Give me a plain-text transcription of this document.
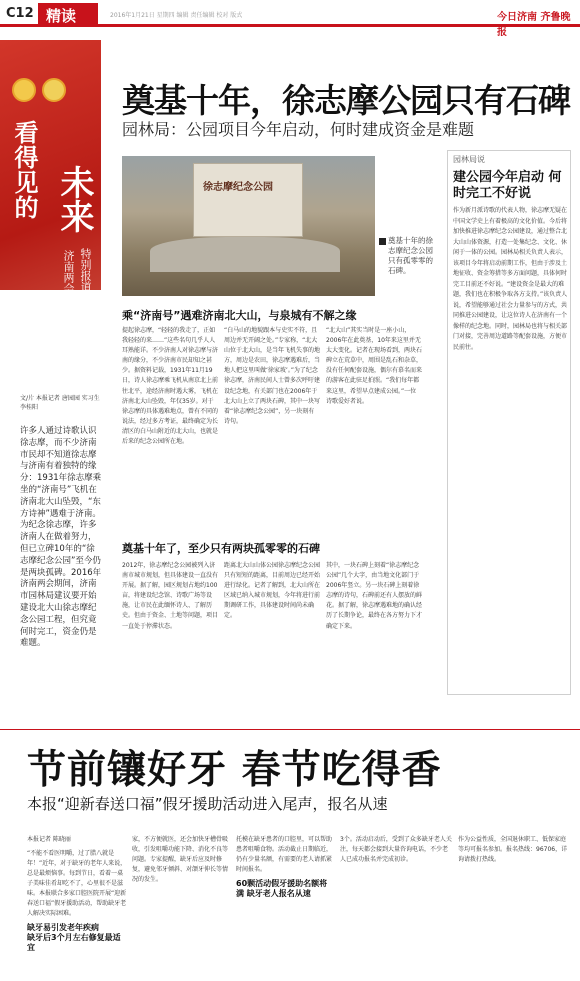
C12 精读	2016年1月21日 星期四 编辑 责任编辑 校对 版式	今日济南 齐鲁晚报
看得见的 未来
济南两会 特别报道
文/片 本报记者 唐园园 实习生 李桂阳
许多人通过诗歌认识徐志摩，而不少济南市民却不知道徐志摩与济南有着独特的缘分：1931年徐志摩乘坐的“济南号”飞机在济南北大山坠毁，“东方诗神”遇难于济南。为纪念徐志摩，许多济南人在做着努力，但已立碑10年的“徐志摩纪念公园”至今仍是两块孤碑。2016年济南两会期间，济南市园林局建议要开始建设北大山徐志摩纪念公园工程，但究竟何时完工，资金仍是难题。
奠基十年，徐志摩公园只有石碑
园林局：公园项目今年启动，何时建成资金是难题
徐志摩纪念公园
奠基十年的徐志摩纪念公园只有孤零零的石碑。
乘“济南号”遇难济南北大山，与泉城有不解之缘
提起徐志摩，“轻轻的我走了，正如我轻轻的来……”这些名句几乎人人耳熟能详。不少济南人对徐志摩与济南的缘分，不少济南市民却知之甚少。据资料记载，1931年11月19日，诗人徐志摩乘飞机从南京北上前往北平，途经济南时遇大雾，飞机在济南北大山坠毁，年仅35岁。对于徐志摩的具体遇难地点，曾有不同的说法，经过多方考证，最终确定为长清区的白马山附近的北大山，也就是后来的纪念公园所在地。
“白马山的地貌跟本与史实不符，且周边并无开阔之处。”专家称，“北大山位于北大山，是当年飞机失事的地方，周边是农田，徐志摩遇难后，当地人把这里叫做‘徐家坡’。”为了纪念徐志摩，济南民间人士曾多次呼吁建设纪念地，有关部门也在2006年于北大山上立了两块石碑，其中一块写着“徐志摩纪念公园”，另一块刻有诗句。
“北大山”其实当时是一座小山，2006年在此奠基，10年来这里并无太大变化。记者在现场看到，两块石碑立在荒草中，周围是乱石和杂草，没有任何配套设施，偶尔有慕名而来的游客在此驻足拍照。“我们每年都来这里，希望早点建成公园。”一位诗歌爱好者说。
奠基十年了，至少只有两块孤零零的石碑
2012年，徐志摩纪念公园被列入济南市城市规划，但具体建设一直没有开展。据了解，园区规划占地约100亩，将建设纪念馆、诗歌广场等设施，让市民在此缅怀诗人、了解历史。但由于资金、土地等问题，项目一直处于停滞状态。
距离北大山山体公园徐志摩纪念公园只有短短的距离，目前周边已经开始进行绿化。记者了解到，北大山所在区域已纳入城市规划，今年将进行前期调研工作，具体建设时间尚未确定。
其中，一块石碑上刻着“徐志摩纪念公园”几个大字，由当地文化部门于2006年竖立。另一块石碑上刻着徐志摩的诗句，石碑前还有人摆放的鲜花。据了解，徐志摩遇难地的确认经历了长期争论，最终在各方努力下才确定下来。
园林局说
建公园今年启动 何时完工不好说
作为新月派诗歌的代表人物，徐志摩无疑在中国文学史上有着极高的文化价值。今后将加快推进徐志摩纪念公园建设，通过整合北大山山体资源，打造一处集纪念、文化、休闲于一体的公园。园林局相关负责人表示，该项目今年将启动前期工作，但由于涉及土地征收、资金筹措等多方面问题，具体何时完工目前还不好说。“建设资金是最大的难题，我们也在积极争取各方支持。”该负责人说，希望能够通过社会力量参与的方式，共同推进公园建设，让这位诗人在济南有一个像样的纪念地。同时，园林局也将与相关部门对接，完善周边道路等配套设施，方便市民前往。
节前镶好牙 春节吃得香
本报“迎新春送口福”假牙援助活动进入尾声，报名从速
本报记者 陈晓丽
“不能不看医明嚼，过了腊八就是年！”近年，对于缺牙的老年人来说，总是最烦恼事。每到节日，看着一桌子美味佳肴却吃不了，心里很不是滋味。本报联合多家口腔医院开展“迎新春送口福”假牙援助活动，帮助缺牙老人解决实际困难。
缺牙易引发老年疾病
缺牙后3个月左右修复最适宜
家，不方便就医，还会加快牙槽骨吸收，引发咀嚼功能下降、消化不良等问题。专家提醒，缺牙后应及时修复，避免邻牙倾斜、对颌牙伸长等情况的发生。
托模在缺牙患者的口腔里，可以帮助患者咀嚼食物。活动截止日期临近，仍有少量名额，有需要的老人请抓紧时间报名。
60颗活动假牙援助名额将满 缺牙老人报名从速
3个。活动启动后，受到了众多缺牙老人关注，每天都会接到大量咨询电话，不少老人已成功报名并完成初诊。
作为公益性质，全国退休职工、低保家庭等均可报名参加。报名热线：96706，详询请拨打热线。
